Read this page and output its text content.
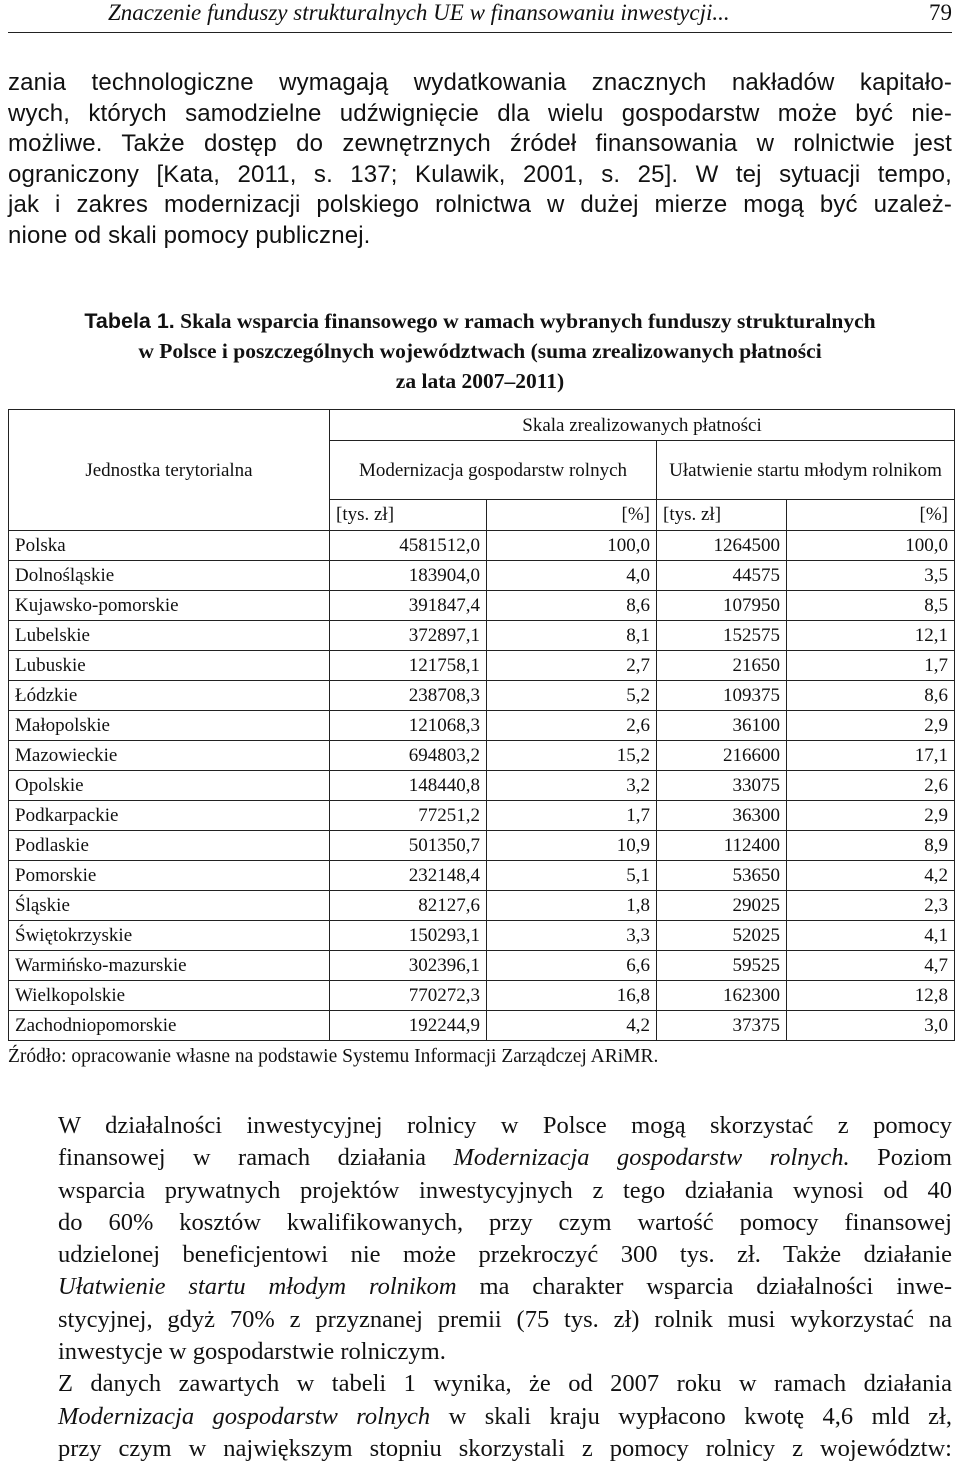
Znaczenie funduszy strukturalnych UE w finansowaniu inwestycji...	79
zania technologiczne wymagają wydatkowania znacznych nakładów kapitało-
wych, których samodzielne udźwignięcie dla wielu gospodarstw może być nie-
możliwe. Także dostęp do zewnętrznych źródeł finansowania w rolnictwie jest
ograniczony [Kata, 2011, s. 137; Kulawik, 2001, s. 25]. W tej sytuacji tempo,
jak i zakres modernizacji polskiego rolnictwa w dużej mierze mogą być uzależ-
nione od skali pomocy publicznej.
Tabela 1. Skala wsparcia finansowego w ramach wybranych funduszy strukturalnych
w Polsce i poszczególnych województwach (suma zrealizowanych płatności
za lata 2007–2011)
Jednostka terytorialna	Skala zrealizowanych płatności			
	Modernizacja gospodarstw rolnych		Ułatwienie startu młodym rolnikom	
	[tys. zł]	[%]	[tys. zł]	[%]
Polska	4581512,0	100,0	1264500	100,0
Dolnośląskie	183904,0	4,0	44575	3,5
Kujawsko-pomorskie	391847,4	8,6	107950	8,5
Lubelskie	372897,1	8,1	152575	12,1
Lubuskie	121758,1	2,7	21650	1,7
Łódzkie	238708,3	5,2	109375	8,6
Małopolskie	121068,3	2,6	36100	2,9
Mazowieckie	694803,2	15,2	216600	17,1
Opolskie	148440,8	3,2	33075	2,6
Podkarpackie	77251,2	1,7	36300	2,9
Podlaskie	501350,7	10,9	112400	8,9
Pomorskie	232148,4	5,1	53650	4,2
Śląskie	82127,6	1,8	29025	2,3
Świętokrzyskie	150293,1	3,3	52025	4,1
Warmińsko-mazurskie	302396,1	6,6	59525	4,7
Wielkopolskie	770272,3	16,8	162300	12,8
Zachodniopomorskie	192244,9	4,2	37375	3,0
Źródło: opracowanie własne na podstawie Systemu Informacji Zarządczej ARiMR.

W działalności inwestycyjnej rolnicy w Polsce mogą skorzystać z pomocy
finansowej w ramach działania Modernizacja gospodarstw rolnych. Poziom
wsparcia prywatnych projektów inwestycyjnych z tego działania wynosi od 40
do 60% kosztów kwalifikowanych, przy czym wartość pomocy finansowej
udzielonej beneficjentowi nie może przekroczyć 300 tys. zł. Także działanie
Ułatwienie startu młodym rolnikom ma charakter wsparcia działalności inwe-
stycyjnej, gdyż 70% z przyznanej premii (75 tys. zł) rolnik musi wykorzystać na
inwestycje w gospodarstwie rolniczym.

Z danych zawartych w tabeli 1 wynika, że od 2007 roku w ramach działania
Modernizacja gospodarstw rolnych w skali kraju wypłacono kwotę 4,6 mld zł,
przy czym w największym stopniu skorzystali z pomocy rolnicy z województw:
